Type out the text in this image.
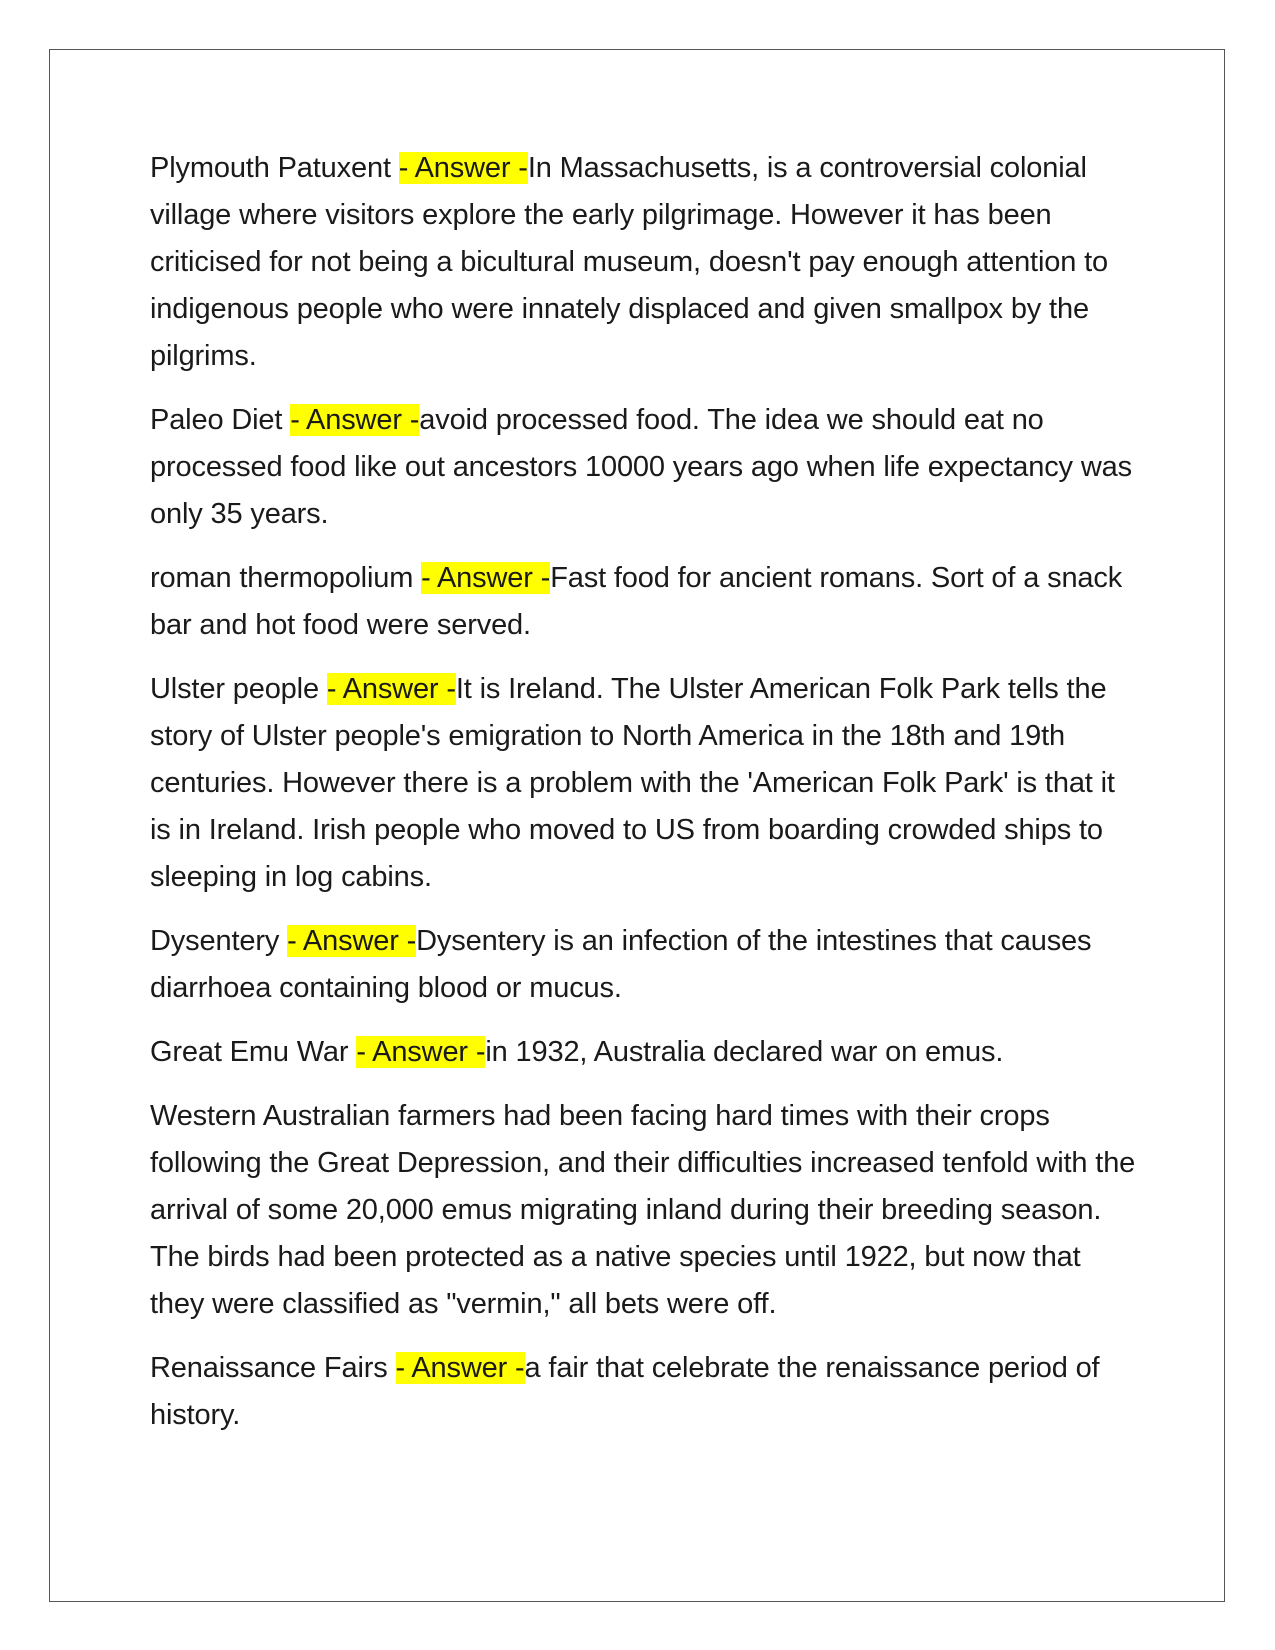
Plymouth Patuxent - Answer -In Massachusetts, is a controversial colonial village where visitors explore the early pilgrimage. However it has been criticised for not being a bicultural museum, doesn't pay enough attention to indigenous people who were innately displaced and given smallpox by the pilgrims.

Paleo Diet - Answer -avoid processed food. The idea we should eat no processed food like out ancestors 10000 years ago when life expectancy was only 35 years.

roman thermopolium - Answer -Fast food for ancient romans. Sort of a snack bar and hot food were served.

Ulster people - Answer -It is Ireland. The Ulster American Folk Park tells the story of Ulster people's emigration to North America in the 18th and 19th centuries. However there is a problem with the 'American Folk Park' is that it is in Ireland. Irish people who moved to US from boarding crowded ships to sleeping in log cabins.

Dysentery - Answer -Dysentery is an infection of the intestines that causes diarrhoea containing blood or mucus.

Great Emu War - Answer -in 1932, Australia declared war on emus.

Western Australian farmers had been facing hard times with their crops following the Great Depression, and their difficulties increased tenfold with the arrival of some 20,000 emus migrating inland during their breeding season. The birds had been protected as a native species until 1922, but now that they were classified as "vermin," all bets were off.

Renaissance Fairs - Answer -a fair that celebrate the renaissance period of history.
